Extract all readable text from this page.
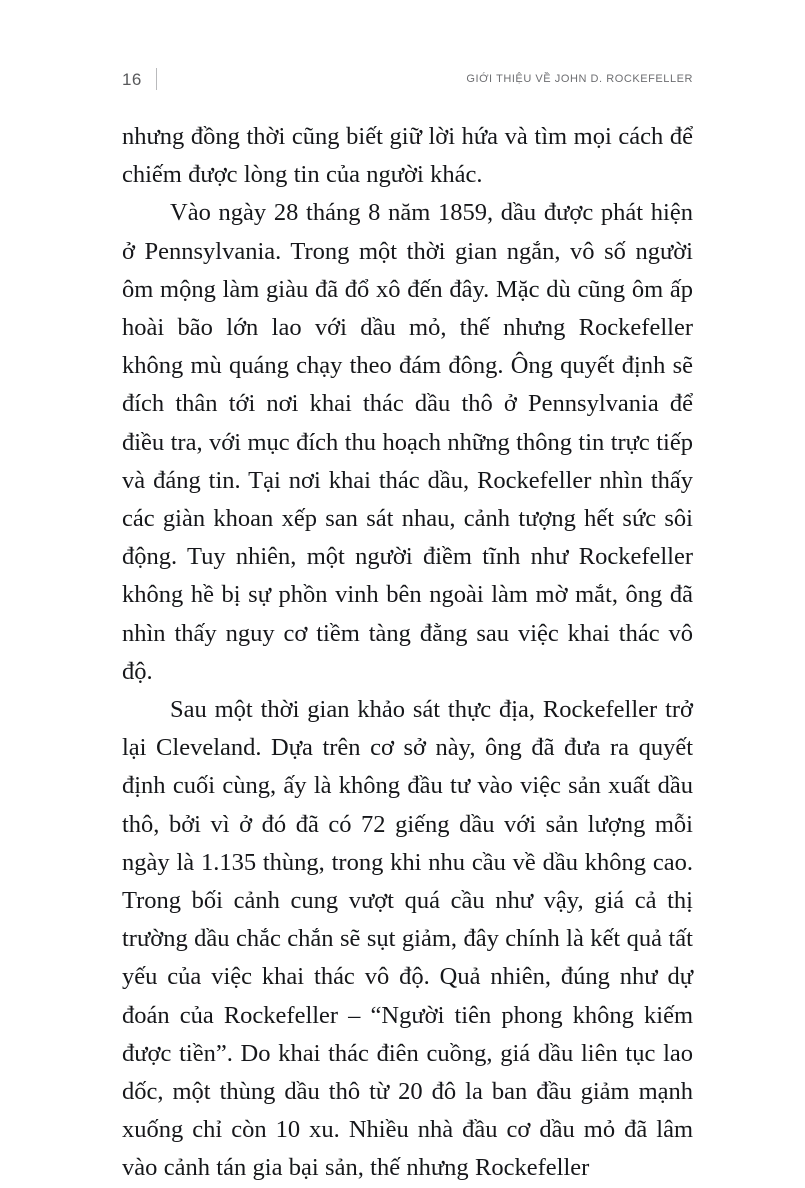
16	GIỚI THIỆU VỀ JOHN D. ROCKEFELLER

nhưng đồng thời cũng biết giữ lời hứa và tìm mọi cách để chiếm được lòng tin của người khác.

Vào ngày 28 tháng 8 năm 1859, dầu được phát hiện ở Pennsylvania. Trong một thời gian ngắn, vô số người ôm mộng làm giàu đã đổ xô đến đây. Mặc dù cũng ôm ấp hoài bão lớn lao với dầu mỏ, thế nhưng Rockefeller không mù quáng chạy theo đám đông. Ông quyết định sẽ đích thân tới nơi khai thác dầu thô ở Pennsylvania để điều tra, với mục đích thu hoạch những thông tin trực tiếp và đáng tin. Tại nơi khai thác dầu, Rockefeller nhìn thấy các giàn khoan xếp san sát nhau, cảnh tượng hết sức sôi động. Tuy nhiên, một người điềm tĩnh như Rockefeller không hề bị sự phồn vinh bên ngoài làm mờ mắt, ông đã nhìn thấy nguy cơ tiềm tàng đằng sau việc khai thác vô độ.

Sau một thời gian khảo sát thực địa, Rockefeller trở lại Cleveland. Dựa trên cơ sở này, ông đã đưa ra quyết định cuối cùng, ấy là không đầu tư vào việc sản xuất dầu thô, bởi vì ở đó đã có 72 giếng dầu với sản lượng mỗi ngày là 1.135 thùng, trong khi nhu cầu về dầu không cao. Trong bối cảnh cung vượt quá cầu như vậy, giá cả thị trường dầu chắc chắn sẽ sụt giảm, đây chính là kết quả tất yếu của việc khai thác vô độ. Quả nhiên, đúng như dự đoán của Rockefeller – “Người tiên phong không kiếm được tiền”. Do khai thác điên cuồng, giá dầu liên tục lao dốc, một thùng dầu thô từ 20 đô la ban đầu giảm mạnh xuống chỉ còn 10 xu. Nhiều nhà đầu cơ dầu mỏ đã lâm vào cảnh tán gia bại sản, thế nhưng Rockefeller
